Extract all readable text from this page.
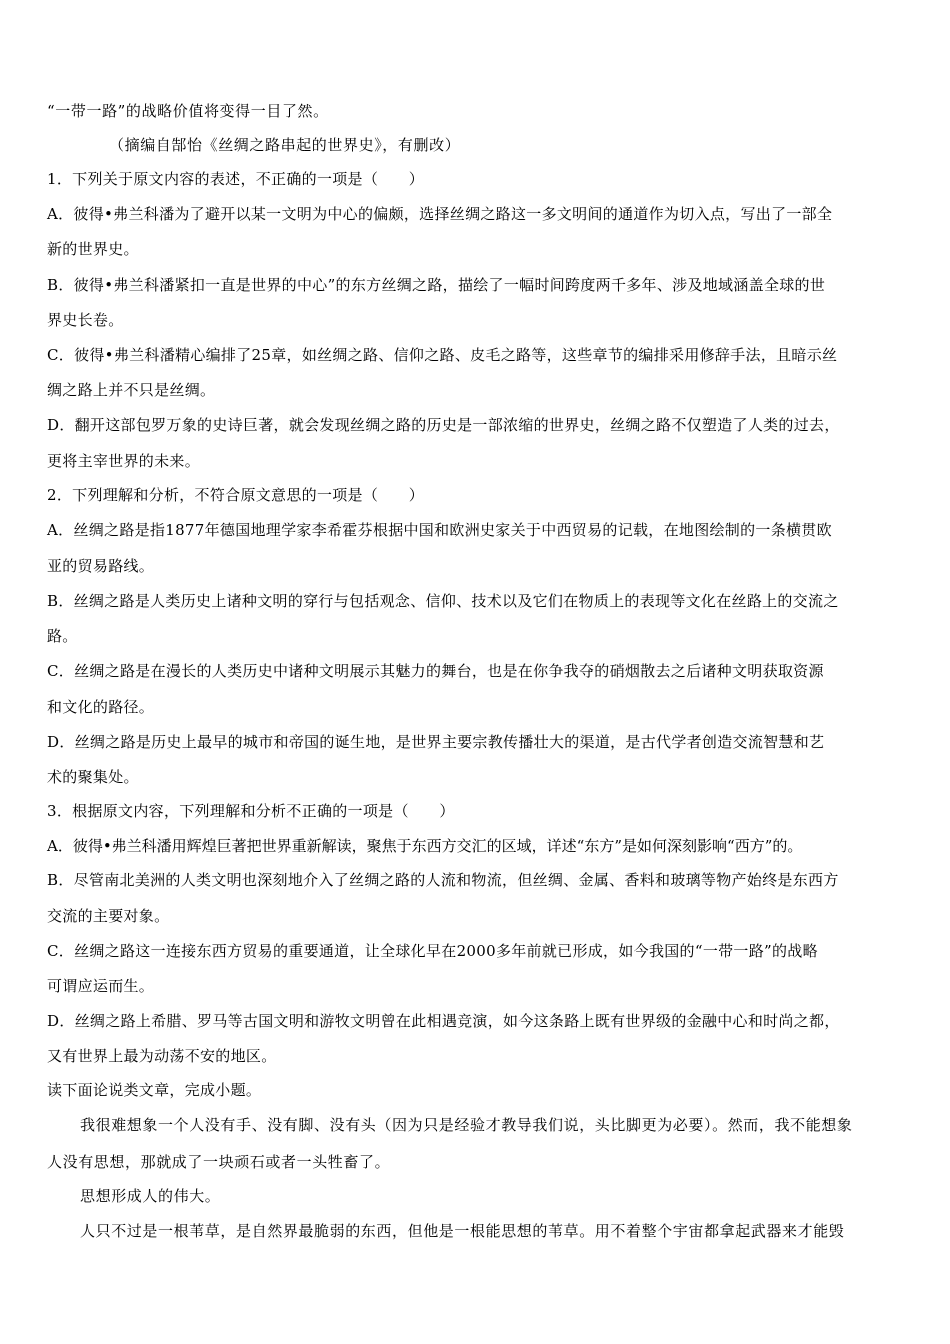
“一带一路”的战略价值将变得一目了然。
（摘编自郜怡《丝绸之路串起的世界史》，有删改）
1．下列关于原文内容的表述，不正确的一项是（　　）
A．彼得•弗兰科潘为了避开以某一文明为中心的偏颇，选择丝绸之路这一多文明间的通道作为切入点，写出了一部全
新的世界史。
B．彼得•弗兰科潘紧扣一直是世界的中心”的东方丝绸之路，描绘了一幅时间跨度两千多年、涉及地域涵盖全球的世
界史长卷。
C．彼得•弗兰科潘精心编排了25章，如丝绸之路、信仰之路、皮毛之路等，这些章节的编排采用修辞手法，且暗示丝
绸之路上并不只是丝绸。
D．翻开这部包罗万象的史诗巨著，就会发现丝绸之路的历史是一部浓缩的世界史，丝绸之路不仅塑造了人类的过去，
更将主宰世界的未来。
2．下列理解和分析，不符合原文意思的一项是（　　）
A．丝绸之路是指1877年德国地理学家李希霍芬根据中国和欧洲史家关于中西贸易的记载，在地图绘制的一条横贯欧
亚的贸易路线。
B．丝绸之路是人类历史上诸种文明的穿行与包括观念、信仰、技术以及它们在物质上的表现等文化在丝路上的交流之
路。
C．丝绸之路是在漫长的人类历史中诸种文明展示其魅力的舞台，也是在你争我夺的硝烟散去之后诸种文明获取资源
和文化的路径。
D．丝绸之路是历史上最早的城市和帝国的诞生地，是世界主要宗教传播壮大的渠道，是古代学者创造交流智慧和艺
术的聚集处。
3．根据原文内容，下列理解和分析不正确的一项是（　　）
A．彼得•弗兰科潘用辉煌巨著把世界重新解读，聚焦于东西方交汇的区域，详述“东方”是如何深刻影响“西方”的。
B．尽管南北美洲的人类文明也深刻地介入了丝绸之路的人流和物流，但丝绸、金属、香料和玻璃等物产始终是东西方
交流的主要对象。
C．丝绸之路这一连接东西方贸易的重要通道，让全球化早在2000多年前就已形成，如今我国的“一带一路”的战略
可谓应运而生。
D．丝绸之路上希腊、罗马等古国文明和游牧文明曾在此相遇竞演，如今这条路上既有世界级的金融中心和时尚之都，
又有世界上最为动荡不安的地区。
读下面论说类文章，完成小题。
我很难想象一个人没有手、没有脚、没有头（因为只是经验才教导我们说，头比脚更为必要）。然而，我不能想象
人没有思想，那就成了一块顽石或者一头牲畜了。
思想形成人的伟大。
人只不过是一根苇草，是自然界最脆弱的东西，但他是一根能思想的苇草。用不着整个宇宙都拿起武器来才能毁
